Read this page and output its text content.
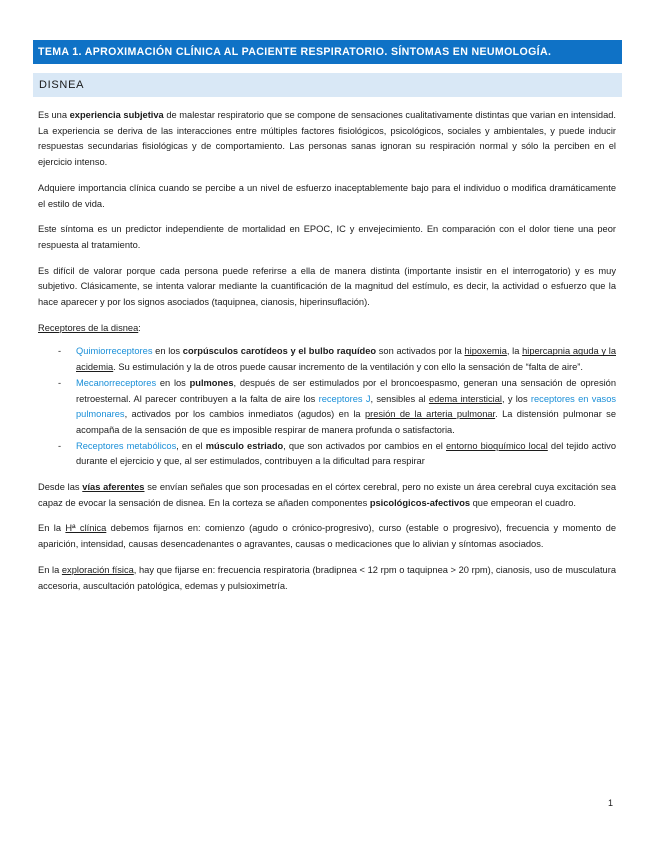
TEMA 1. APROXIMACIÓN CLÍNICA AL PACIENTE RESPIRATORIO. SÍNTOMAS EN NEUMOLOGÍA.
DISNEA

Es una experiencia subjetiva de malestar respiratorio que se compone de sensaciones cualitativamente distintas que varian en intensidad. La experiencia se deriva de las interacciones entre múltiples factores fisiológicos, psicológicos, sociales y ambientales, y puede inducir respuestas secundarias fisiológicas y de comportamiento. Las personas sanas ignoran su respiración normal y sólo la perciben en el ejercicio intenso.

Adquiere importancia clínica cuando se percibe a un nivel de esfuerzo inaceptablemente bajo para el individuo o modifica dramáticamente el estilo de vida.

Este síntoma es un predictor independiente de mortalidad en EPOC, IC y envejecimiento. En comparación con el dolor tiene una peor respuesta al tratamiento.

Es difícil de valorar porque cada persona puede referirse a ella de manera distinta (importante insistir en el interrogatorio) y es muy subjetivo. Clásicamente, se intenta valorar mediante la cuantificación de la magnitud del estímulo, es decir, la actividad o esfuerzo que la hace aparecer y por los signos asociados (taquipnea, cianosis, hiperinsuflación).

Receptores de la disnea:

- Quimiorreceptores en los corpúsculos carotídeos y el bulbo raquídeo son activados por la hipoxemia, la hipercapnia aguda y la acidemia. Su estimulación y la de otros puede causar incremento de la ventilación y con ello la sensación de “falta de aire”.
- Mecanorreceptores en los pulmones, después de ser estimulados por el broncoespasmo, generan una sensación de opresión retroesternal. Al parecer contribuyen a la falta de aire los receptores J, sensibles al edema intersticial, y los receptores en vasos pulmonares, activados por los cambios inmediatos (agudos) en la presión de la arteria pulmonar. La distensión pulmonar se acompaña de la sensación de que es imposible respirar de manera profunda o satisfactoria.
- Receptores metabólicos, en el músculo estriado, que son activados por cambios en el entorno bioquímico local del tejido activo durante el ejercicio y que, al ser estimulados, contribuyen a la dificultad para respirar

Desde las vías aferentes se envían señales que son procesadas en el córtex cerebral, pero no existe un área cerebral cuya excitación sea capaz de evocar la sensación de disnea. En la corteza se añaden componentes psicológicos-afectivos que empeoran el cuadro.

En la Hª clínica debemos fijarnos en: comienzo (agudo o crónico-progresivo), curso (estable o progresivo), frecuencia y momento de aparición, intensidad, causas desencadenantes o agravantes, causas o medicaciones que lo alivian y síntomas asociados.

En la exploración física, hay que fijarse en: frecuencia respiratoria (bradipnea < 12 rpm o taquipnea > 20 rpm), cianosis, uso de musculatura accesoria, auscultación patológica, edemas y pulsioximetría.

1
